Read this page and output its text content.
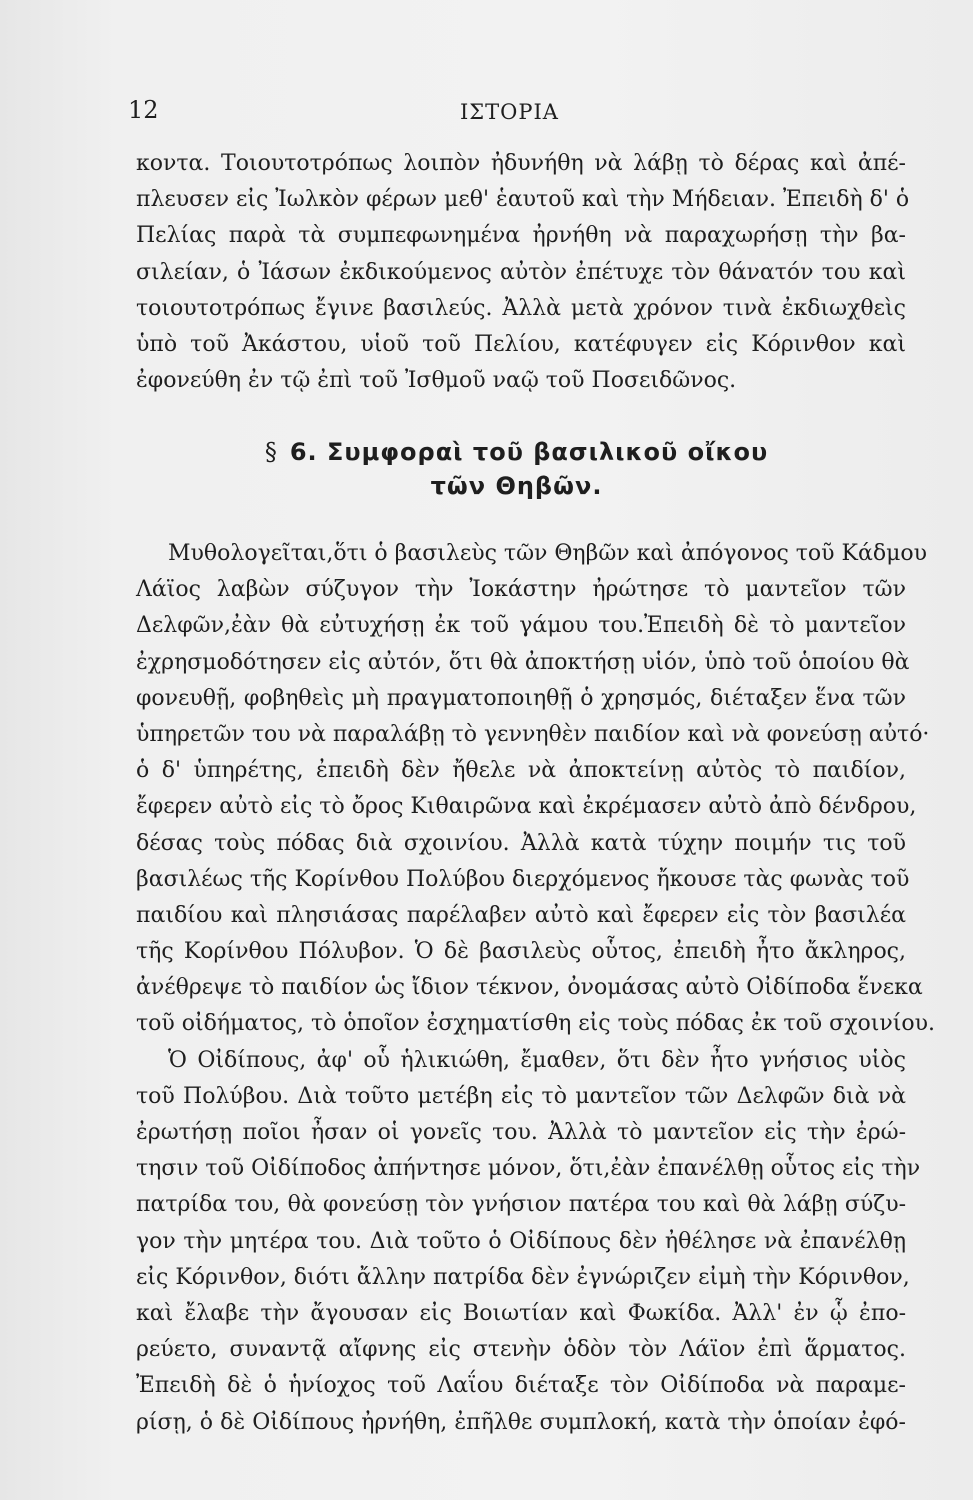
12	ΙΣΤΟΡΙΑ
κοντα. Τοιουτοτρόπως λοιπὸν ἠδυνήθη νὰ λάβῃ τὸ δέρας καὶ ἀπέ-
πλευσεν εἰς Ἰωλκὸν φέρων μεθ' ἑαυτοῦ καὶ τὴν Μήδειαν. Ἐπειδὴ δ' ὁ
Πελίας παρὰ τὰ συμπεφωνημένα ἠρνήθη νὰ παραχωρήσῃ τὴν βα-
σιλείαν, ὁ Ἰάσων ἐκδικούμενος αὐτὸν ἐπέτυχε τὸν θάνατόν του καὶ
τοιουτοτρόπως ἔγινε βασιλεύς. Ἀλλὰ μετὰ χρόνον τινὰ ἐκδιωχθεὶς
ὑπὸ τοῦ Ἀκάστου, υἱοῦ τοῦ Πελίου, κατέφυγεν εἰς Κόρινθον καὶ
ἐφονεύθη ἐν τῷ ἐπὶ τοῦ Ἰσθμοῦ ναῷ τοῦ Ποσειδῶνος.
§ 6. Συμφοραὶ τοῦ βασιλικοῦ οἴκου
τῶν Θηβῶν.
Μυθολογεῖται,ὅτι ὁ βασιλεὺς τῶν Θηβῶν καὶ ἀπόγονος τοῦ Κάδμου
Λάϊος λαβὼν σύζυγον τὴν Ἰοκάστην ἠρώτησε τὸ μαντεῖον τῶν
Δελφῶν,ἐὰν θὰ εὐτυχήσῃ ἐκ τοῦ γάμου του.Ἐπειδὴ δὲ τὸ μαντεῖον
ἐχρησμοδότησεν εἰς αὐτόν, ὅτι θὰ ἀποκτήσῃ υἱόν, ὑπὸ τοῦ ὁποίου θὰ
φονευθῇ, φοβηθεὶς μὴ πραγματοποιηθῇ ὁ χρησμός, διέταξεν ἕνα τῶν
ὑπηρετῶν του νὰ παραλάβῃ τὸ γεννηθὲν παιδίον καὶ νὰ φονεύσῃ αὐτό·
ὁ δ' ὑπηρέτης, ἐπειδὴ δὲν ἤθελε νὰ ἀποκτείνῃ αὐτὸς τὸ παιδίον,
ἔφερεν αὐτὸ εἰς τὸ ὄρος Κιθαιρῶνα καὶ ἐκρέμασεν αὐτὸ ἀπὸ δένδρου,
δέσας τοὺς πόδας διὰ σχοινίου. Ἀλλὰ κατὰ τύχην ποιμήν τις τοῦ
βασιλέως τῆς Κορίνθου Πολύβου διερχόμενος ἤκουσε τὰς φωνὰς τοῦ
παιδίου καὶ πλησιάσας παρέλαβεν αὐτὸ καὶ ἔφερεν εἰς τὸν βασιλέα
τῆς Κορίνθου Πόλυβον. Ὁ δὲ βασιλεὺς οὗτος, ἐπειδὴ ἦτο ἄκληρος,
ἀνέθρεψε τὸ παιδίον ὡς ἴδιον τέκνον, ὀνομάσας αὐτὸ Οἰδίποδα ἕνεκα
τοῦ οἰδήματος, τὸ ὁποῖον ἐσχηματίσθη εἰς τοὺς πόδας ἐκ τοῦ σχοινίου.
Ὁ Οἰδίπους, ἀφ' οὗ ἡλικιώθη, ἔμαθεν, ὅτι δὲν ἦτο γνήσιος υἱὸς
τοῦ Πολύβου. Διὰ τοῦτο μετέβη εἰς τὸ μαντεῖον τῶν Δελφῶν διὰ νὰ
ἐρωτήσῃ ποῖοι ἦσαν οἱ γονεῖς του. Ἀλλὰ τὸ μαντεῖον εἰς τὴν ἐρώ-
τησιν τοῦ Οἰδίποδος ἀπήντησε μόνον, ὅτι,ἐὰν ἐπανέλθῃ οὗτος εἰς τὴν
πατρίδα του, θὰ φονεύσῃ τὸν γνήσιον πατέρα του καὶ θὰ λάβῃ σύζυ-
γον τὴν μητέρα του. Διὰ τοῦτο ὁ Οἰδίπους δὲν ἠθέλησε νὰ ἐπανέλθῃ
εἰς Κόρινθον, διότι ἄλλην πατρίδα δὲν ἐγνώριζεν εἰμὴ τὴν Κόρινθον,
καὶ ἔλαβε τὴν ἄγουσαν εἰς Βοιωτίαν καὶ Φωκίδα. Ἀλλ' ἐν ᾧ ἐπο-
ρεύετο, συναντᾷ αἴφνης εἰς στενὴν ὁδὸν τὸν Λάϊον ἐπὶ ἅρματος.
Ἐπειδὴ δὲ ὁ ἡνίοχος τοῦ Λαΐου διέταξε τὸν Οἰδίποδα νὰ παραμε-
ρίσῃ, ὁ δὲ Οἰδίπους ἠρνήθη, ἐπῆλθε συμπλοκή, κατὰ τὴν ὁποίαν ἐφό-
